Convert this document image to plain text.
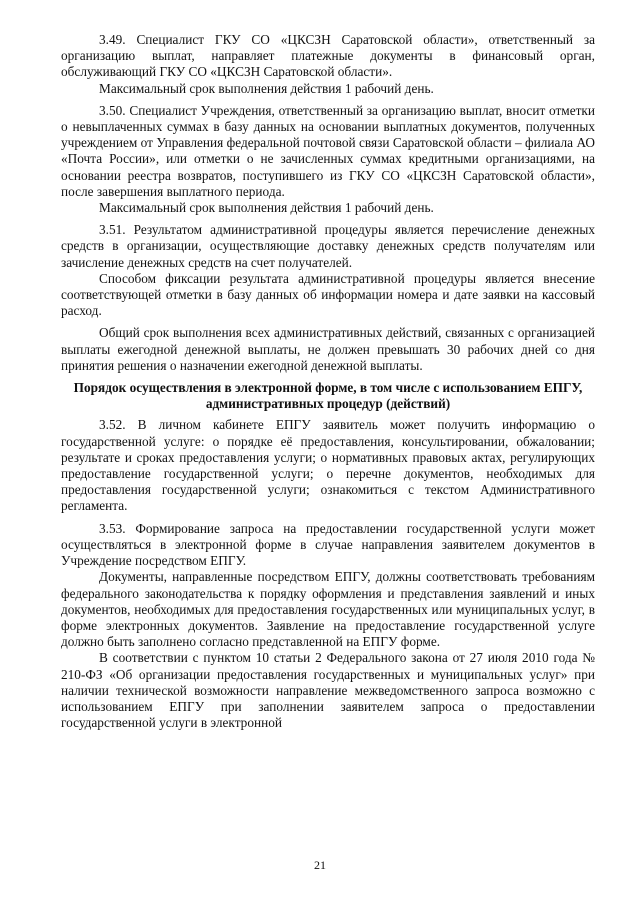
3.49. Специалист ГКУ СО «ЦКСЗН Саратовской области», ответственный за организацию выплат, направляет платежные документы в финансовый орган, обслуживающий ГКУ СО «ЦКСЗН Саратовской области».

Максимальный срок выполнения действия 1 рабочий день.

3.50. Специалист Учреждения, ответственный за организацию выплат, вносит отметки о невыплаченных суммах в базу данных на основании выплатных документов, полученных учреждением от Управления федеральной почтовой связи Саратовской области – филиала АО «Почта России», или отметки о не зачисленных суммах кредитными организациями, на основании реестра возвратов, поступившего из ГКУ СО «ЦКСЗН Саратовской области», после завершения выплатного периода.

Максимальный срок выполнения действия 1 рабочий день.

3.51. Результатом административной процедуры является перечисление денежных средств в организации, осуществляющие доставку денежных средств получателям или зачисление денежных средств на счет получателей.

Способом фиксации результата административной процедуры является внесение соответствующей отметки в базу данных об информации номера и дате заявки на кассовый расход.

Общий срок выполнения всех административных действий, связанных с организацией выплаты ежегодной денежной выплаты, не должен превышать 30 рабочих дней со дня принятия решения о назначении ежегодной денежной выплаты.

Порядок осуществления в электронной форме, в том числе с использованием ЕПГУ, административных процедур (действий)

3.52. В личном кабинете ЕПГУ заявитель может получить информацию о государственной услуге: о порядке её предоставления, консультировании, обжаловании; результате и сроках предоставления услуги; о нормативных правовых актах, регулирующих предоставление государственной услуги; о перечне документов, необходимых для предоставления государственной услуги; ознакомиться с текстом Административного регламента.

3.53. Формирование запроса на предоставлении государственной услуги может осуществляться в электронной форме в случае направления заявителем документов в Учреждение посредством ЕПГУ.

Документы, направленные посредством ЕПГУ, должны соответствовать требованиям федерального законодательства к порядку оформления и представления заявлений и иных документов, необходимых для предоставления государственных или муниципальных услуг, в форме электронных документов. Заявление на предоставление государственной услуге должно быть заполнено согласно представленной на ЕПГУ форме.

В соответствии с пунктом 10 статьи 2 Федерального закона от 27 июля 2010 года № 210-ФЗ «Об организации предоставления государственных и муниципальных услуг» при наличии технической возможности направление межведомственного запроса возможно с использованием ЕПГУ при заполнении заявителем запроса о предоставлении государственной услуги в электронной

21
